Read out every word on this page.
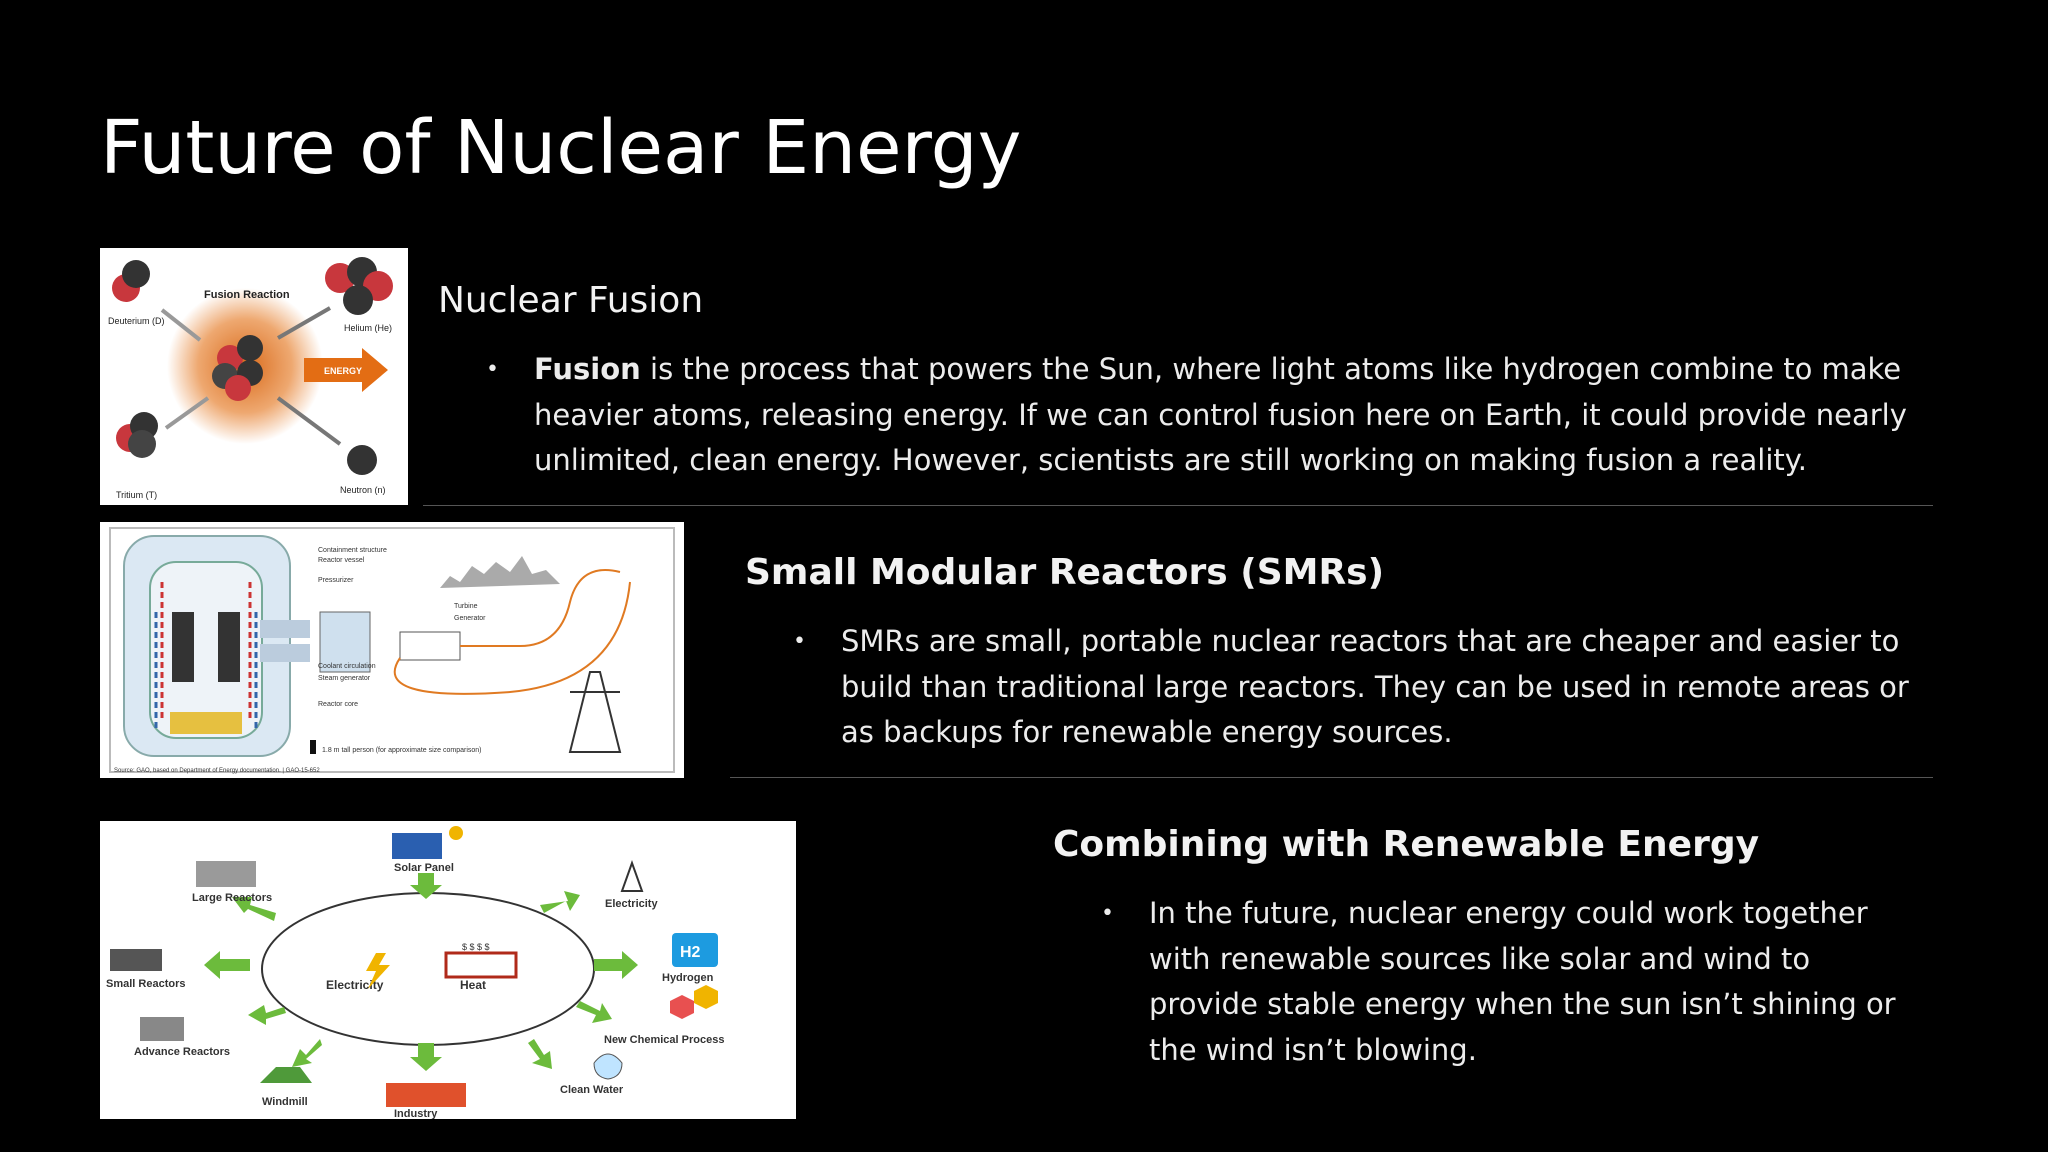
Future of Nuclear Energy
Deuterium (D)
Tritium (T)
Fusion Reaction
Helium (He)
ENERGY
Neutron (n)
Nuclear Fusion
• Fusion is the process that powers the Sun, where light atoms like hydrogen combine to make heavier atoms, releasing energy. If we can control fusion here on Earth, it could provide nearly unlimited, clean energy. However, scientists are still working on making fusion a reality.
Containment structure
Reactor vessel
Pressurizer
Turbine
Generator
Coolant circulation
Steam generator
Reactor core
1.8 m tall person (for approximate size comparison)
Source: GAO, based on Department of Energy documentation. | GAO-15-652
Small Modular Reactors (SMRs)
• SMRs are small, portable nuclear reactors that are cheaper and easier to build than traditional large reactors. They can be used in remote areas or as backups for renewable energy sources.
Electricity
$ $ $ $
Heat
H2
Solar Panel
Electricity
Hydrogen
New Chemical Process
Clean Water
Industry
Windmill
Advance Reactors
Small Reactors
Large Reactors
Combining with Renewable Energy
• In the future, nuclear energy could work together with renewable sources like solar and wind to provide stable energy when the sun isn’t shining or the wind isn’t blowing.
